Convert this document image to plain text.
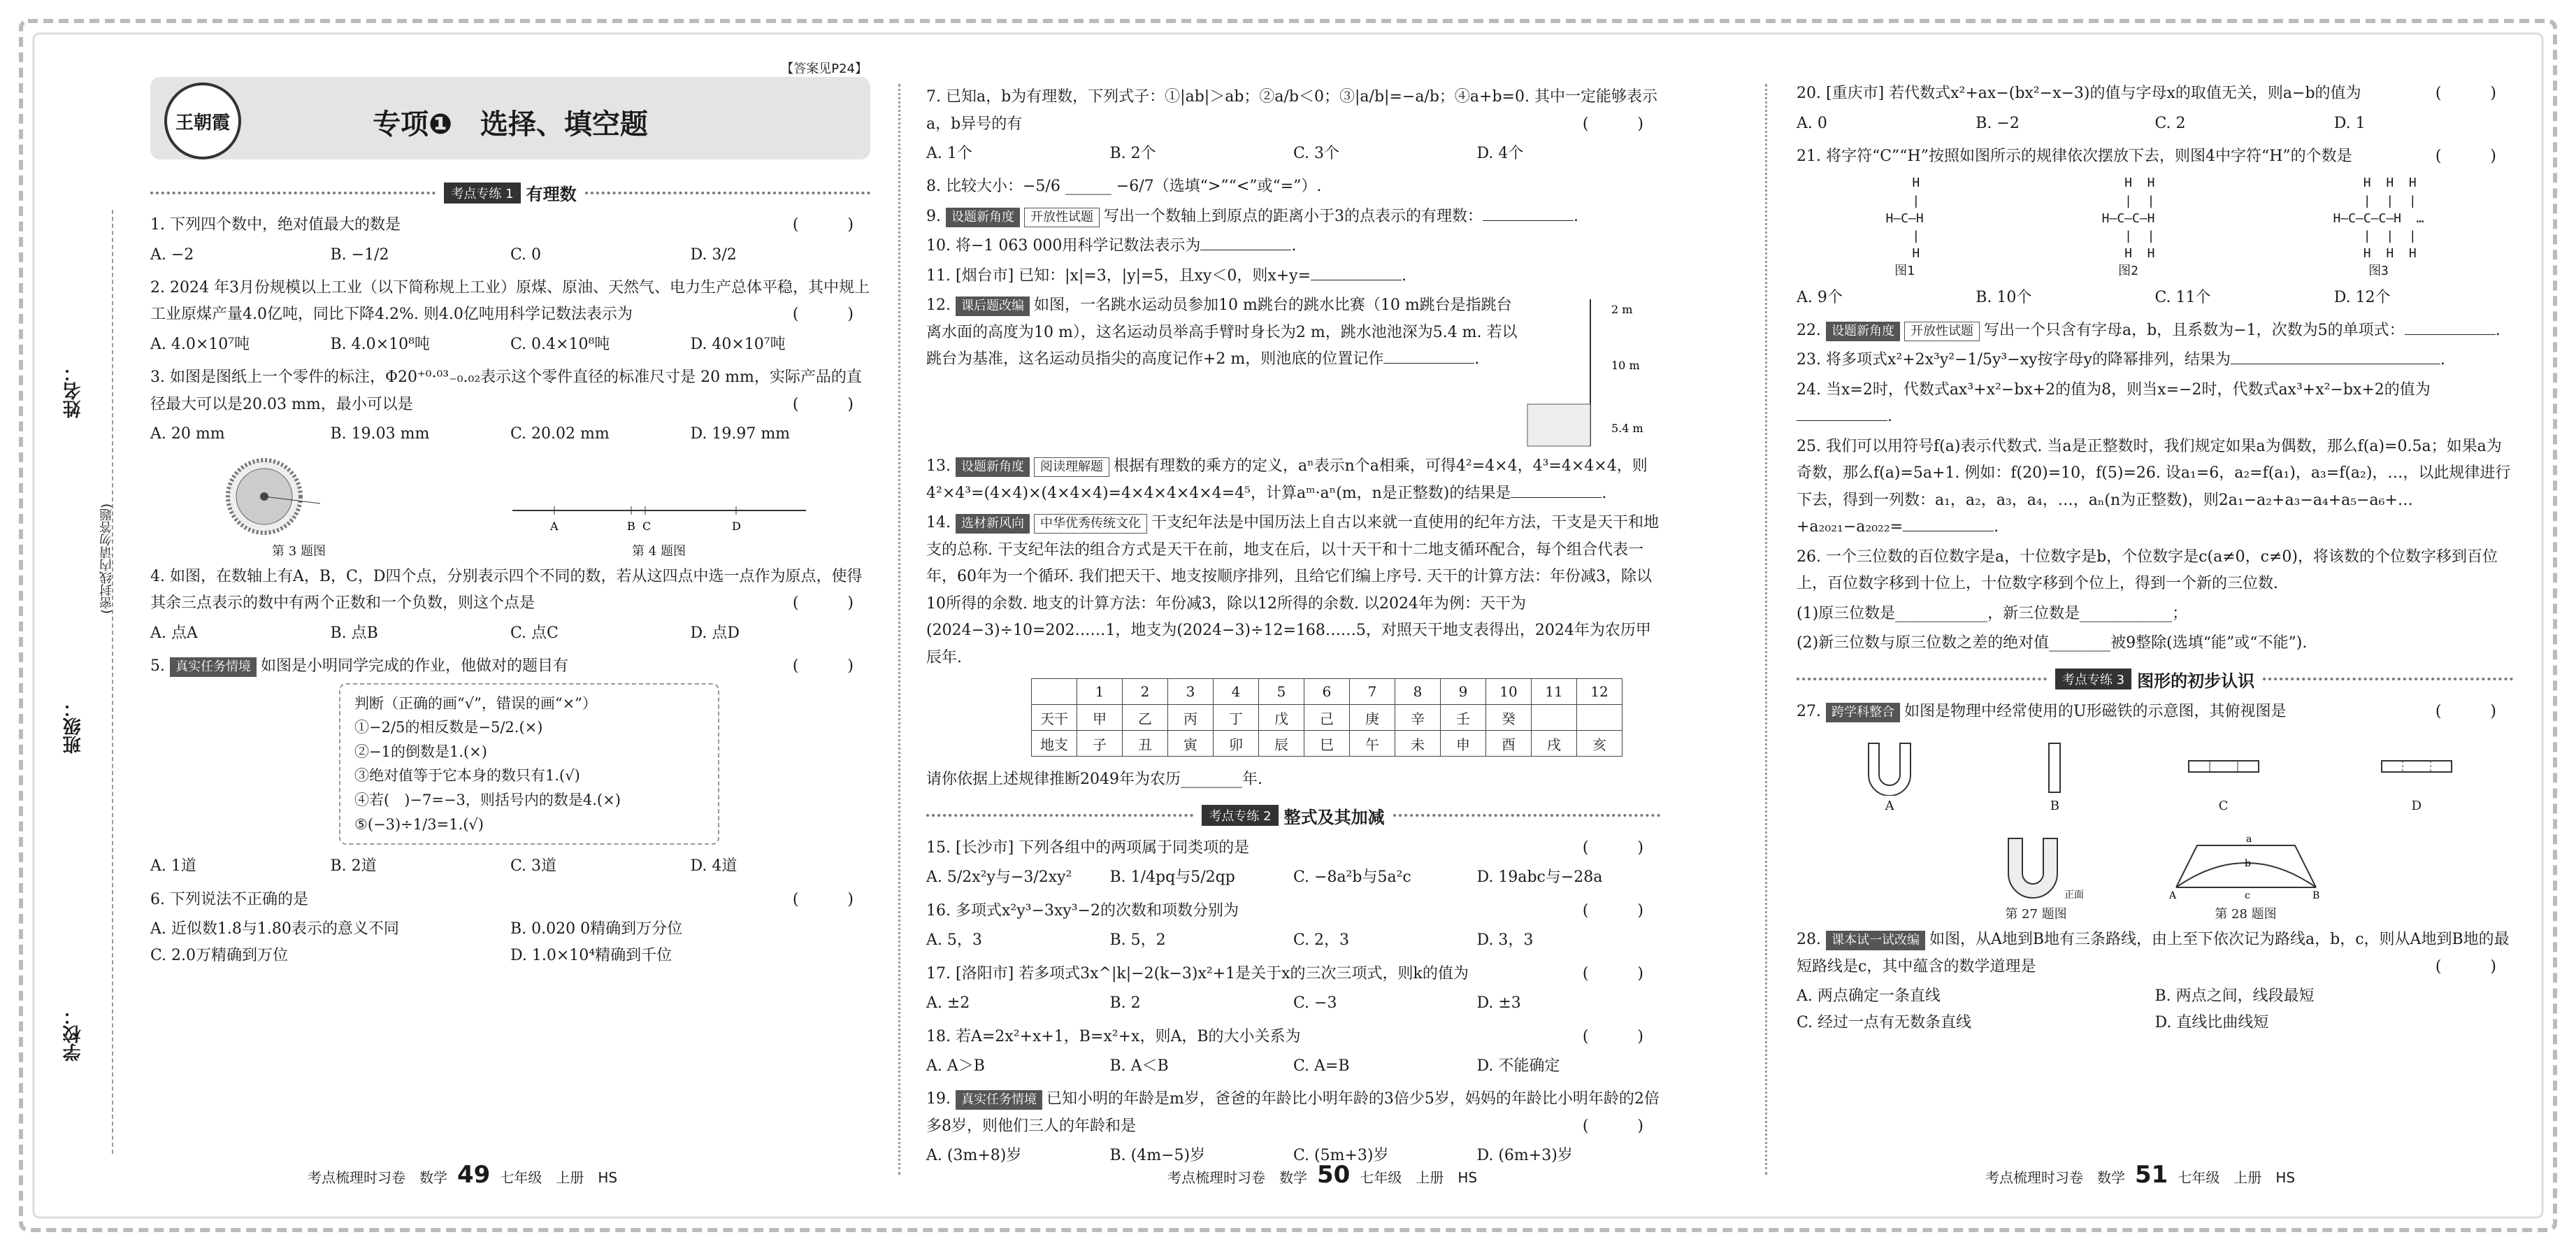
姓名：
班级：
学校：
(密封线内请勿答题)
【答案见P24】
王朝霞	专项❶　选择、填空题
考点专练 1 有理数
(　)
1. 下列四个数中，绝对值最大的数是
A. −2	B. −1/2	C. 0	D. 3/2
2. 2024 年3月份规模以上工业（以下简称规上工业）原煤、原油、天然气、电力生产总体平稳，其中规上工业原煤产量4.0亿吨，同比下降4.2%. 则4.0亿吨用科学记数法表示为	(　)
A. 4.0×10⁷吨	B. 4.0×10⁸吨	C. 0.4×10⁸吨	D. 40×10⁷吨
3. 如图是图纸上一个零件的标注，Φ20⁺⁰·⁰³₋₀.₀₂表示这个零件直径的标准尺寸是 20 mm，实际产品的直径最大可以是20.03 mm，最小可以是	(　)
A. 20 mm	B. 19.03 mm	C. 20.02 mm	D. 19.97 mm
第 3 题图
A	B C	D
第 4 题图
4. 如图，在数轴上有A，B，C，D四个点，分别表示四个不同的数，若从这四点中选一点作为原点，使得其余三点表示的数中有两个正数和一个负数，则这个点是	(　)
A. 点A	B. 点B	C. 点C	D. 点D
5. 真实任务情境 如图是小明同学完成的作业，他做对的题目有	(　)
判断（正确的画“√”，错误的画“×”）
①−2/5的相反数是−5/2.(×)
②−1的倒数是1.(×)
③绝对值等于它本身的数只有1.(√)
④若(　)−7=−3，则括号内的数是4.(×)
⑤(−3)÷1/3=1.(√)
A. 1道	B. 2道	C. 3道	D. 4道
(　)
6. 下列说法不正确的是
A. 近似数1.8与1.80表示的意义不同	B. 0.020 0精确到万分位
C. 2.0万精确到万位	D. 1.0×10⁴精确到千位
考点梳理时习卷　数学 49 七年级　上册　HS
7. 已知a，b为有理数，下列式子：①|ab|＞ab；②a/b＜0；③|a/b|=−a/b；④a+b=0. 其中一定能够表示a，b异号的有	(　)
A. 1个	B. 2个	C. 3个	D. 4个
8. 比较大小：−5/6 ______ −6/7（选填“>”“<”或“=”）.
9. 设题新角度 开放性试题 写出一个数轴上到原点的距离小于3的点表示的有理数：	.
10. 将−1 063 000用科学记数法表示为	.
11. [烟台市] 已知：|x|=3，|y|=5，且xy＜0，则x+y=	.
12. 课后题改编 如图，一名跳水运动员参加10 m跳台的跳水比赛（10 m跳台是指跳台离水面的高度为10 m），这名运动员举高手臂时身长为2 m，跳水池池深为5.4 m. 若以跳台为基准，这名运动员指尖的高度记作+2 m，则池底的位置记作	.
2 m
10 m
5.4 m
13. 设题新角度 阅读理解题 根据有理数的乘方的定义，aⁿ表示n个a相乘，可得4²=4×4，4³=4×4×4，则4²×4³=(4×4)×(4×4×4)=4×4×4×4×4=4⁵，计算aᵐ·aⁿ(m，n是正整数)的结果是	.
14. 选材新风向 中华优秀传统文化 干支纪年法是中国历法上自古以来就一直使用的纪年方法，干支是天干和地支的总称. 干支纪年法的组合方式是天干在前，地支在后，以十天干和十二地支循环配合，每个组合代表一年，60年为一个循环. 我们把天干、地支按顺序排列，且给它们编上序号. 天干的计算方法：年份减3，除以10所得的余数. 地支的计算方法：年份减3，除以12所得的余数. 以2024年为例：天干为(2024−3)÷10=202……1，地支为(2024−3)÷12=168……5，对照天干地支表得出，2024年为农历甲辰年.
	1	2	3	4	5	6	7	8	9	10	11	12
天干	甲	乙	丙	丁	戊	己	庚	辛	壬	癸		
地支	子	丑	寅	卯	辰	巳	午	未	申	酉	戌	亥
请你依据上述规律推断2049年为农历________年.
考点专练 2 整式及其加减
(　)
15. [长沙市] 下列各组中的两项属于同类项的是
A. 5/2x²y与−3/2xy²	B. 1/4pq与5/2qp	C. −8a²b与5a²c	D. 19abc与−28a
(　)
16. 多项式x²y³−3xy³−2的次数和项数分别为
A. 5，3	B. 5，2	C. 2，3	D. 3，3
(　)
17. [洛阳市] 若多项式3x^|k|−2(k−3)x²+1是关于x的三次三项式，则k的值为
A. ±2	B. 2	C. −3	D. ±3
(　)
18. 若A=2x²+x+1，B=x²+x，则A，B的大小关系为
A. A＞B	B. A＜B	C. A=B	D. 不能确定
19. 真实任务情境 已知小明的年龄是m岁，爸爸的年龄比小明年龄的3倍少5岁，妈妈的年龄比小明年龄的2倍多8岁，则他们三人的年龄和是	(　)
A. (3m+8)岁	B. (4m−5)岁	C. (5m+3)岁	D. (6m+3)岁
考点梳理时习卷　数学 50 七年级　上册　HS
(　)
20. [重庆市] 若代数式x²+ax−(bx²−x−3)的值与字母x的取值无关，则a−b的值为
A. 0	B. −2	C. 2	D. 1
(　)
21. 将字符“C”“H”按照如图所示的规律依次摆放下去，则图4中字符“H”的个数是
H
|
H—C—H
|
H
图1
H  H
|  |
H—C—C—H
|  |
H  H
图2
H  H  H
|  |  |
H—C—C—C—H  …
|  |  |
H  H  H
图3
A. 9个	B. 10个	C. 11个	D. 12个
22. 设题新角度 开放性试题 写出一个只含有字母a，b，且系数为−1，次数为5的单项式：	.
23. 将多项式x²+2x³y²−1/5y³−xy按字母y的降幂排列，结果为	.
24. 当x=2时，代数式ax³+x²−bx+2的值为8，则当x=−2时，代数式ax³+x²−bx+2的值为.
25. 我们可以用符号f(a)表示代数式. 当a是正整数时，我们规定如果a为偶数，那么f(a)=0.5a；如果a为奇数，那么f(a)=5a+1. 例如：f(20)=10，f(5)=26. 设a₁=6，a₂=f(a₁)，a₃=f(a₂)，…，以此规律进行下去，得到一列数：a₁，a₂，a₃，a₄，…，aₙ(n为正整数)，则2a₁−a₂+a₃−a₄+a₅−a₆+…+a₂₀₂₁−a₂₀₂₂=	.
26. 一个三位数的百位数字是a，十位数字是b，个位数字是c(a≠0，c≠0)，将该数的个位数字移到百位上，百位数字移到十位上，十位数字移到个位上，得到一个新的三位数.
(1)原三位数是____________，新三位数是____________；
(2)新三位数与原三位数之差的绝对值________被9整除(选填“能”或“不能”).
考点专练 3 图形的初步认识
27. 跨学科整合 如图是物理中经常使用的U形磁铁的示意图，其俯视图是	(　)
A	B	C	D
正面
第 27 题图
a
b
c
A	B
第 28 题图
28. 课本试一试改编 如图，从A地到B地有三条路线，由上至下依次记为路线a，b，c，则从A地到B地的最短路线是c，其中蕴含的数学道理是	(　)
A. 两点确定一条直线	B. 两点之间，线段最短
C. 经过一点有无数条直线	D. 直线比曲线短
考点梳理时习卷　数学 51 七年级　上册　HS
